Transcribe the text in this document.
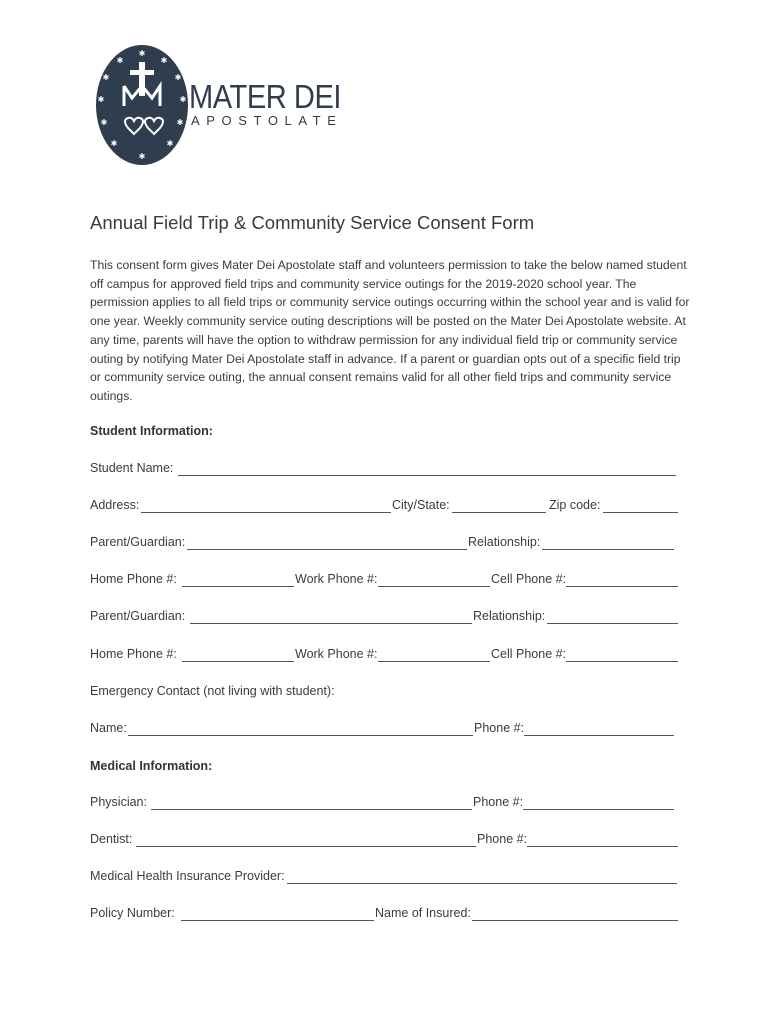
✱
✱	✱
✱	✱
✱	✱
✱	✱
✱	✱
✱
MATER DEI
APOSTOLATE
Annual Field Trip & Community Service Consent Form
This consent form gives Mater Dei Apostolate staff and volunteers permission to take the below named student off campus for approved field trips and community service outings for the 2019-2020 school year. The permission applies to all field trips or community service outings occurring within the school year and is valid for one year. Weekly community service outing descriptions will be posted on the Mater Dei Apostolate website. At any time, parents will have the option to withdraw permission for any individual field trip or community service outing by notifying Mater Dei Apostolate staff in advance. If a parent or guardian opts out of a specific field trip or community service outing, the annual consent remains valid for all other field trips and community service outings.
Student Information:
Student Name:
Address:	City/State:	Zip code:
Parent/Guardian:	Relationship:
Home Phone #:	Work Phone #:	Cell Phone #:
Parent/Guardian:	Relationship:
Home Phone #:	Work Phone #:	Cell Phone #:
Emergency Contact (not living with student):
Name:	Phone #:
Medical Information:
Physician:	Phone #:
Dentist:	Phone #:
Medical Health Insurance Provider:
Policy Number:	Name of Insured:
